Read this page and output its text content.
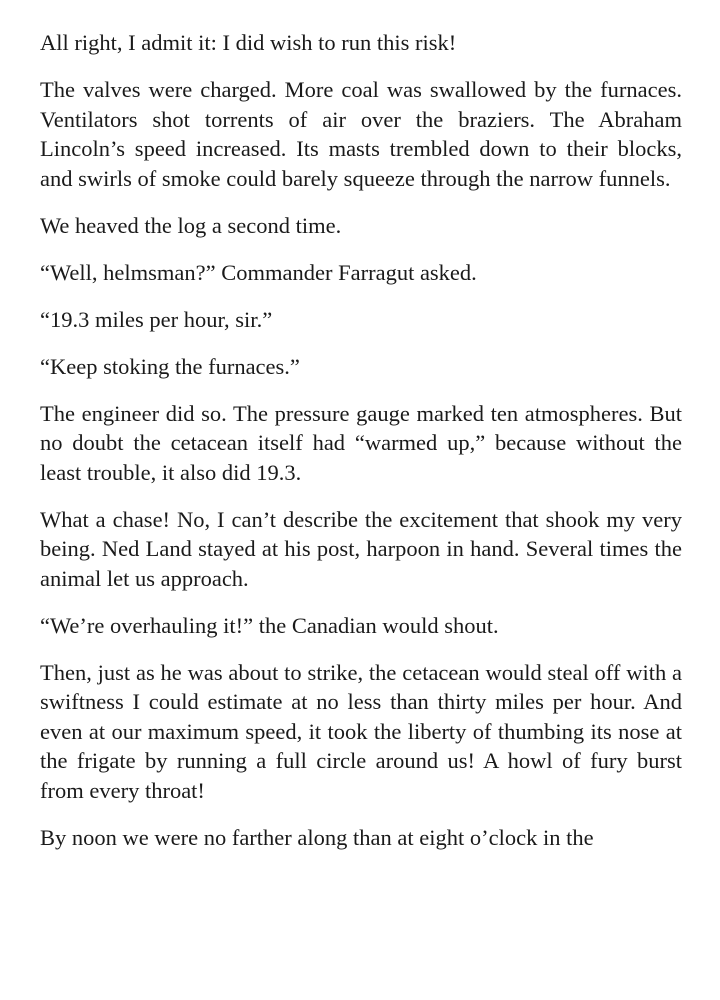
All right, I admit it: I did wish to run this risk!

The valves were charged. More coal was swallowed by the furnaces. Ventilators shot torrents of air over the braziers. The Abraham Lincoln’s speed increased. Its masts trembled down to their blocks, and swirls of smoke could barely squeeze through the narrow funnels.

We heaved the log a second time.

“Well, helmsman?” Commander Farragut asked.

“19.3 miles per hour, sir.”

“Keep stoking the furnaces.”

The engineer did so. The pressure gauge marked ten atmospheres. But no doubt the cetacean itself had “warmed up,” because without the least trouble, it also did 19.3.

What a chase! No, I can’t describe the excitement that shook my very being. Ned Land stayed at his post, harpoon in hand. Several times the animal let us approach.

“We’re overhauling it!” the Canadian would shout.

Then, just as he was about to strike, the cetacean would steal off with a swiftness I could estimate at no less than thirty miles per hour. And even at our maximum speed, it took the liberty of thumbing its nose at the frigate by running a full circle around us! A howl of fury burst from every throat!

By noon we were no farther along than at eight o’clock in the
